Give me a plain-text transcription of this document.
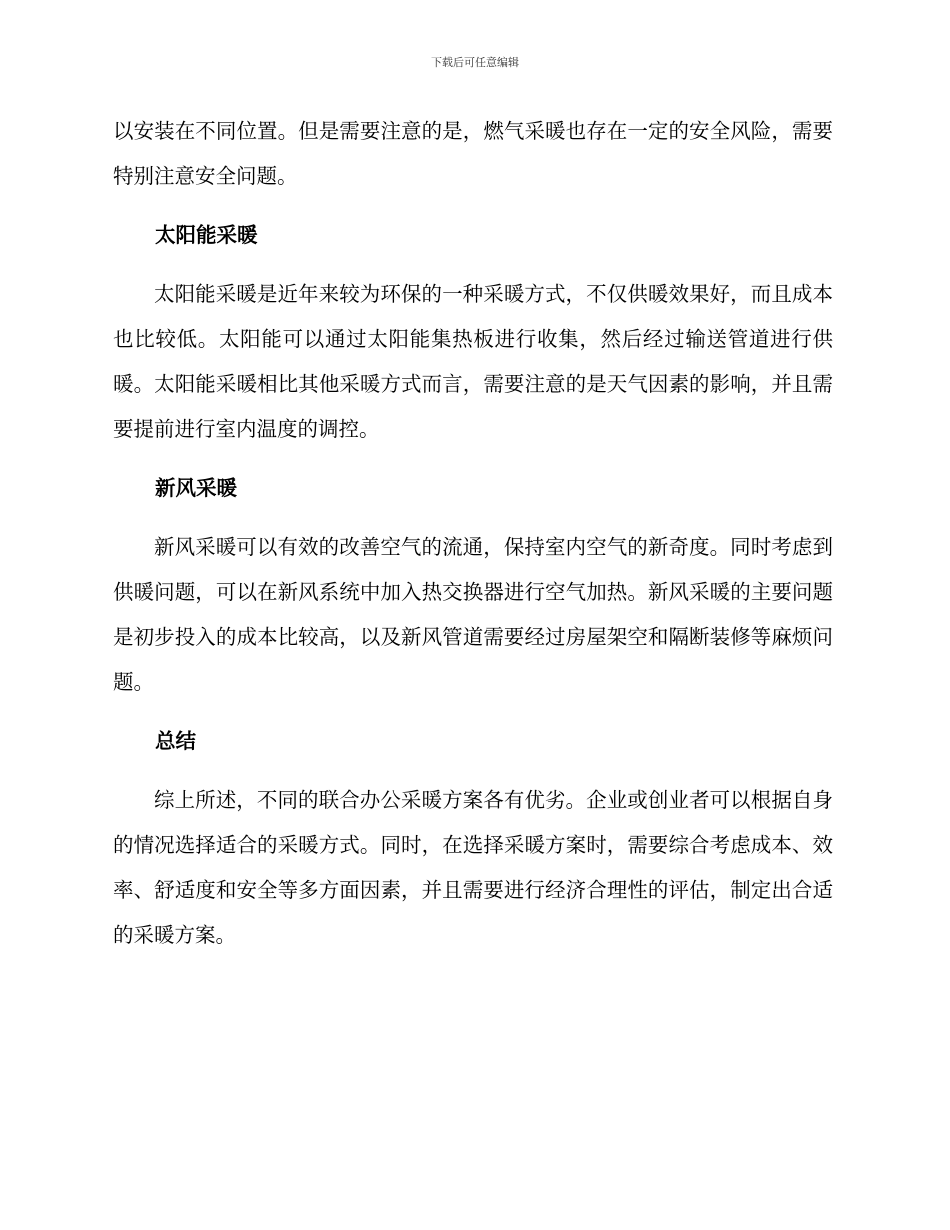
下载后可任意编辑

以安装在不同位置。但是需要注意的是，燃气采暖也存在一定的安全风险，需要特别注意安全问题。

太阳能采暖

太阳能采暖是近年来较为环保的一种采暖方式，不仅供暖效果好，而且成本也比较低。太阳能可以通过太阳能集热板进行收集，然后经过输送管道进行供暖。太阳能采暖相比其他采暖方式而言，需要注意的是天气因素的影响，并且需要提前进行室内温度的调控。

新风采暖

新风采暖可以有效的改善空气的流通，保持室内空气的新奇度。同时考虑到供暖问题，可以在新风系统中加入热交换器进行空气加热。新风采暖的主要问题是初步投入的成本比较高，以及新风管道需要经过房屋架空和隔断装修等麻烦问题。

总结

综上所述，不同的联合办公采暖方案各有优劣。企业或创业者可以根据自身的情况选择适合的采暖方式。同时，在选择采暖方案时，需要综合考虑成本、效率、舒适度和安全等多方面因素，并且需要进行经济合理性的评估，制定出合适的采暖方案。
